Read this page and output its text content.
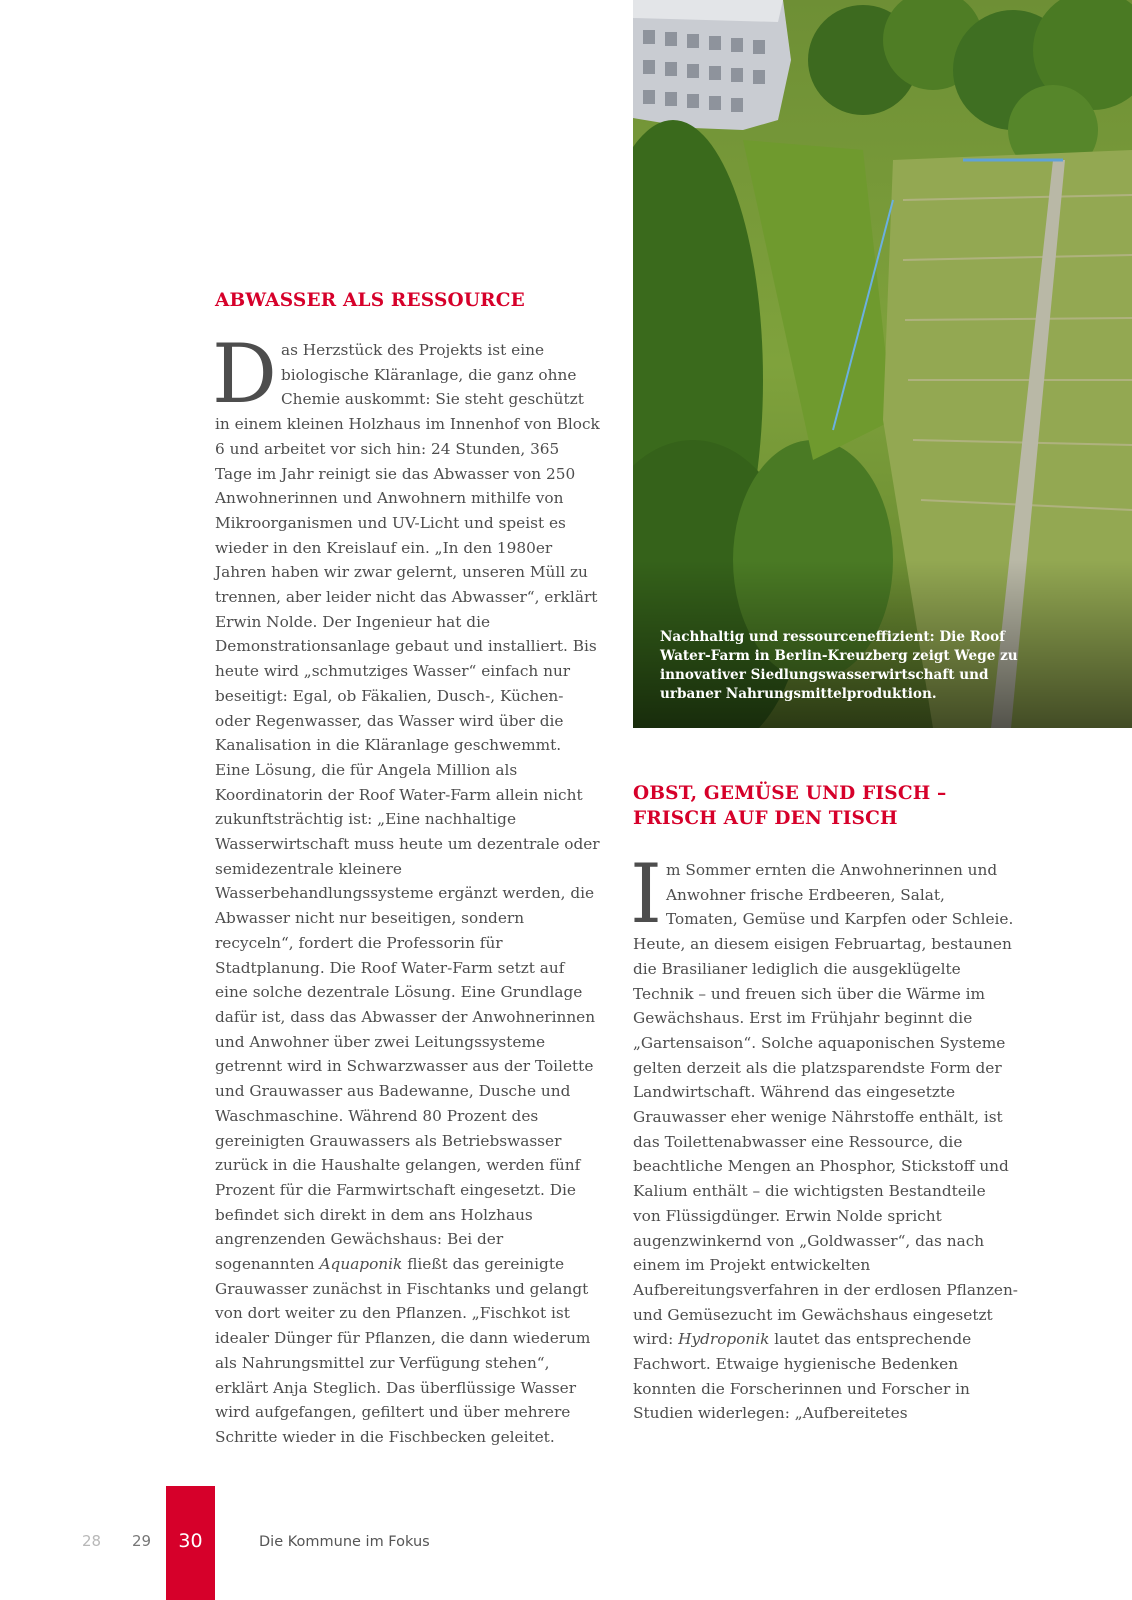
ABWASSER ALS RESSOURCE

Das Herzstück des Projekts ist eine biologische Kläranlage, die ganz ohne Chemie auskommt: Sie steht geschützt in einem kleinen Holzhaus im Innenhof von Block 6 und arbeitet vor sich hin: 24 Stunden, 365 Tage im Jahr reinigt sie das Abwasser von 250 Anwohnerinnen und Anwohnern mithilfe von Mikroorganismen und UV-Licht und speist es wieder in den Kreislauf ein. „In den 1980er Jahren haben wir zwar gelernt, unseren Müll zu trennen, aber leider nicht das Abwasser“, erklärt Erwin Nolde. Der Ingenieur hat die Demonstrationsanlage gebaut und installiert. Bis heute wird „schmutziges Wasser“ einfach nur beseitigt: Egal, ob Fäkalien, Dusch-, Küchen- oder Regenwasser, das Wasser wird über die Kanalisation in die Kläranlage geschwemmt. Eine Lösung, die für Angela Million als Koordinatorin der Roof Water-Farm allein nicht zukunftsträchtig ist: „Eine nachhaltige Wasserwirtschaft muss heute um dezentrale oder semidezentrale kleinere Wasserbehandlungssysteme ergänzt werden, die Abwasser nicht nur beseitigen, sondern recyceln“, fordert die Professorin für Stadtplanung. Die Roof Water-Farm setzt auf eine solche dezentrale Lösung. Eine Grundlage dafür ist, dass das Abwasser der Anwohnerinnen und Anwohner über zwei Leitungssysteme getrennt wird in Schwarzwasser aus der Toilette und Grauwasser aus Badewanne, Dusche und Waschmaschine. Während 80 Prozent des gereinigten Grauwassers als Betriebswasser zurück in die Haushalte gelangen, werden fünf Prozent für die Farmwirtschaft eingesetzt. Die befindet sich direkt in dem ans Holzhaus angrenzenden Gewächshaus: Bei der sogenannten Aquaponik fließt das gereinigte Grauwasser zunächst in Fischtanks und gelangt von dort weiter zu den Pflanzen. „Fischkot ist idealer Dünger für Pflanzen, die dann wiederum als Nahrungsmittel zur Verfügung stehen“, erklärt Anja Steglich. Das überflüssige Wasser wird aufgefangen, gefiltert und über mehrere Schritte wieder in die Fischbecken geleitet.

Nachhaltig und ressourceneffizient: Die Roof Water-Farm in Berlin-Kreuzberg zeigt Wege zu innovativer Siedlungswasserwirtschaft und urbaner Nahrungsmittelproduktion.

OBST, GEMÜSE UND FISCH –
FRISCH AUF DEN TISCH

Im Sommer ernten die Anwohnerinnen und Anwohner frische Erdbeeren, Salat, Tomaten, Gemüse und Karpfen oder Schleie. Heute, an diesem eisigen Februartag, bestaunen die Brasilianer lediglich die ausgeklügelte Technik – und freuen sich über die Wärme im Gewächshaus. Erst im Frühjahr beginnt die „Gartensaison“. Solche aquaponischen Systeme gelten derzeit als die platzsparendste Form der Landwirtschaft. Während das eingesetzte Grauwasser eher wenige Nährstoffe enthält, ist das Toilettenabwasser eine Ressource, die beachtliche Mengen an Phosphor, Stickstoff und Kalium enthält – die wichtigsten Bestandteile von Flüssigdünger. Erwin Nolde spricht augenzwinkernd von „Goldwasser“, das nach einem im Projekt entwickelten Aufbereitungsverfahren in der erdlosen Pflanzen- und Gemüsezucht im Gewächshaus eingesetzt wird: Hydroponik lautet das entsprechende Fachwort. Etwaige hygienische Bedenken konnten die Forscherinnen und Forscher in Studien widerlegen: „Aufbereitetes

28 29	30	Die Kommune im Fokus
